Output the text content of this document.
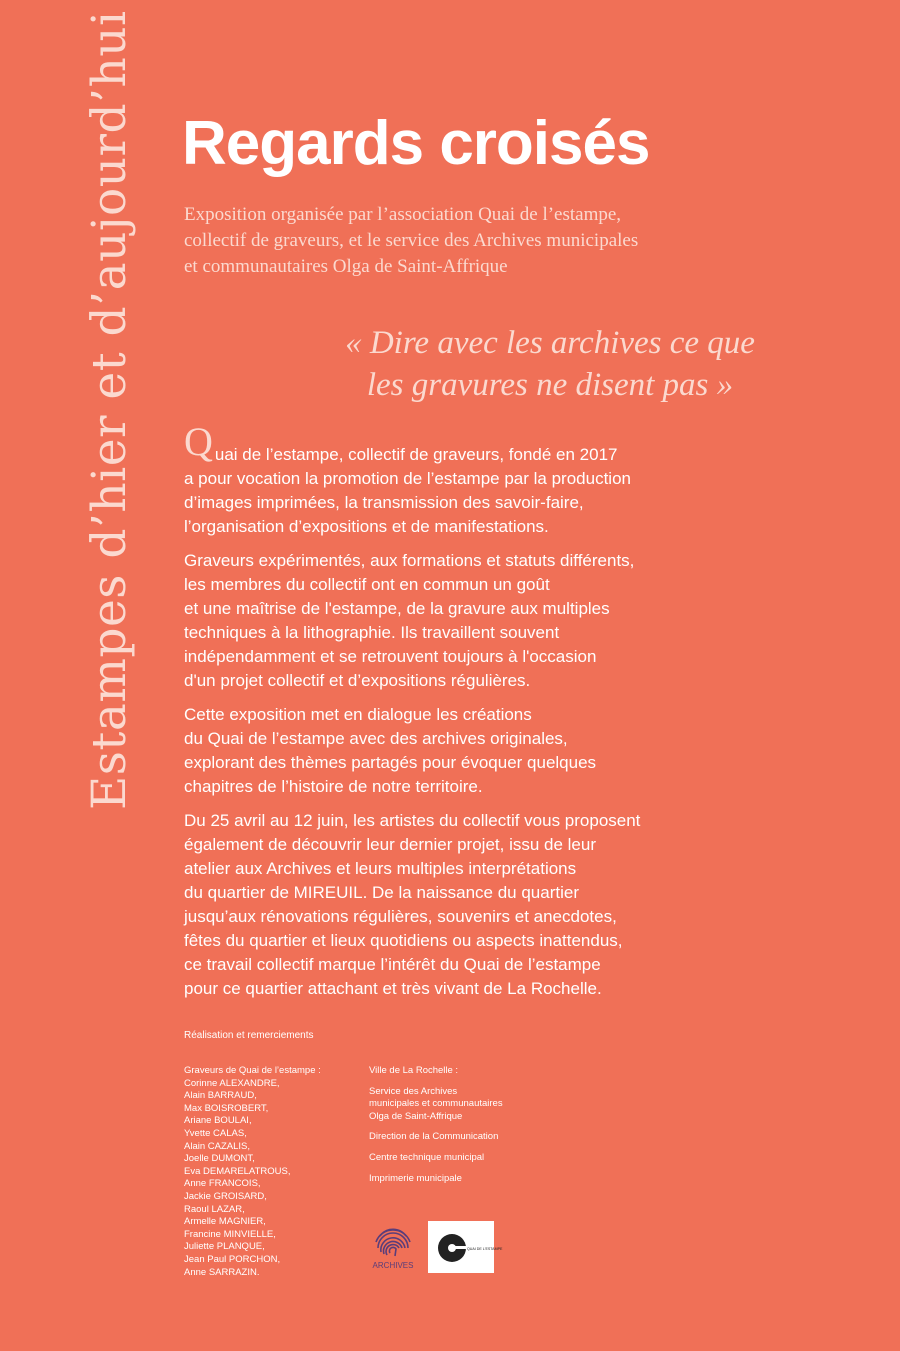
Estampes d’hier et d’aujourd’hui Regards croisés
Exposition organisée par l’association Quai de l’estampe,
collectif de graveurs, et le service des Archives municipales
et communautaires Olga de Saint-Affrique
« Dire avec les archives ce que
les gravures ne disent pas »

Q uai de l’estampe, collectif de graveurs, fondé en 2017
a pour vocation la promotion de l’estampe par la production
d’images imprimées, la transmission des savoir-faire,
l’organisation d’expositions et de manifestations.

Graveurs expérimentés, aux formations et statuts différents,
les membres du collectif ont en commun un goût
et une maîtrise de l'estampe, de la gravure aux multiples
techniques à la lithographie. Ils travaillent souvent
indépendamment et se retrouvent toujours à l'occasion
d'un projet collectif et d’expositions régulières.

Cette exposition met en dialogue les créations
du Quai de l’estampe avec des archives originales,
explorant des thèmes partagés pour évoquer quelques
chapitres de l’histoire de notre territoire.

Du 25 avril au 12 juin, les artistes du collectif vous proposent
également de découvrir leur dernier projet, issu de leur
atelier aux Archives et leurs multiples interprétations
du quartier de MIREUIL. De la naissance du quartier
jusqu’aux rénovations régulières, souvenirs et anecdotes,
fêtes du quartier et lieux quotidiens ou aspects inattendus,
ce travail collectif marque l’intérêt du Quai de l’estampe
pour ce quartier attachant et très vivant de La Rochelle.

Réalisation et remerciements
Graveurs de Quai de l’estampe :
Corinne ALEXANDRE,
Alain BARRAUD,
Max BOISROBERT,
Ariane BOULAI,
Yvette CALAS,
Alain CAZALIS,
Joelle DUMONT,
Eva DEMARELATROUS,
Anne FRANCOIS,
Jackie GROISARD,
Raoul LAZAR,
Armelle MAGNIER,
Francine MINVIELLE,
Juliette PLANQUE,
Jean Paul PORCHON,
Anne SARRAZIN.
Ville de La Rochelle :
Service des Archives
municipales et communautaires
Olga de Saint-Affrique
Direction de la Communication
Centre technique municipal
Imprimerie municipale
ARCHIVES
QUAI DE L'ESTAMPE
